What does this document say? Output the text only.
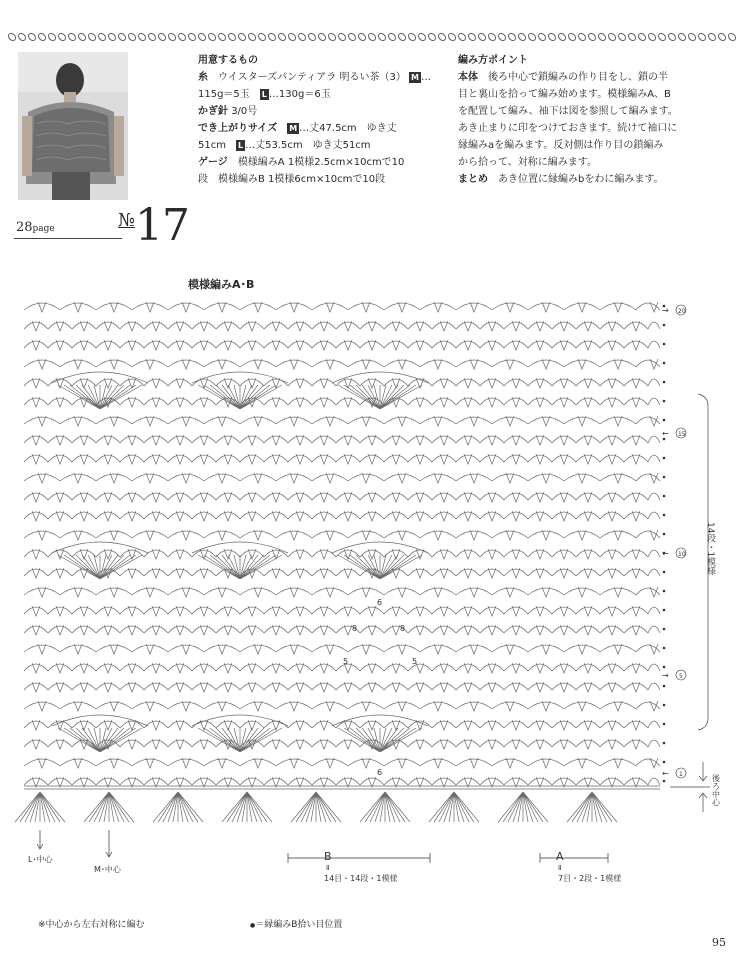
28page	№17
用意するもの
糸　 ウイスターズパンティアラ 明るい茶（3） M …
115g＝5玉　 L …130g＝6玉
かぎ針 3/0号
でき上がりサイズ　 M …丈47.5cm　ゆき丈
51cm　 L …丈53.5cm　ゆき丈51cm
ゲージ　 模様編みA 1模様2.5cm×10cmで10
段　模様編みB 1模様6cm×10cmで10段
編み方ポイント
本体　 後ろ中心で鎖編みの作り目をし、鎖の半
目と裏山を拾って編み始めます。模様編みA、B
を配置して編み、袖下は図を参照して編みます。
あき止まりに印をつけておきます。続けて袖口に
縁編みaを編みます。反対側は作り目の鎖編み
から拾って、対称に編みます。
まとめ　 あき位置に縁編みbをわに編みます。
模様編みA･B
→ 20
← 15
← 10
→ 5
← 1
14段・1模様
後ろ中心
6
8	8
5	5
6
L･中心
M･中心
B
Ⅱ
14目・14段・1模様
A
Ⅱ
7目・2段・1模様
※中心から左右対称に編む	●＝縁編みB拾い目位置
95
